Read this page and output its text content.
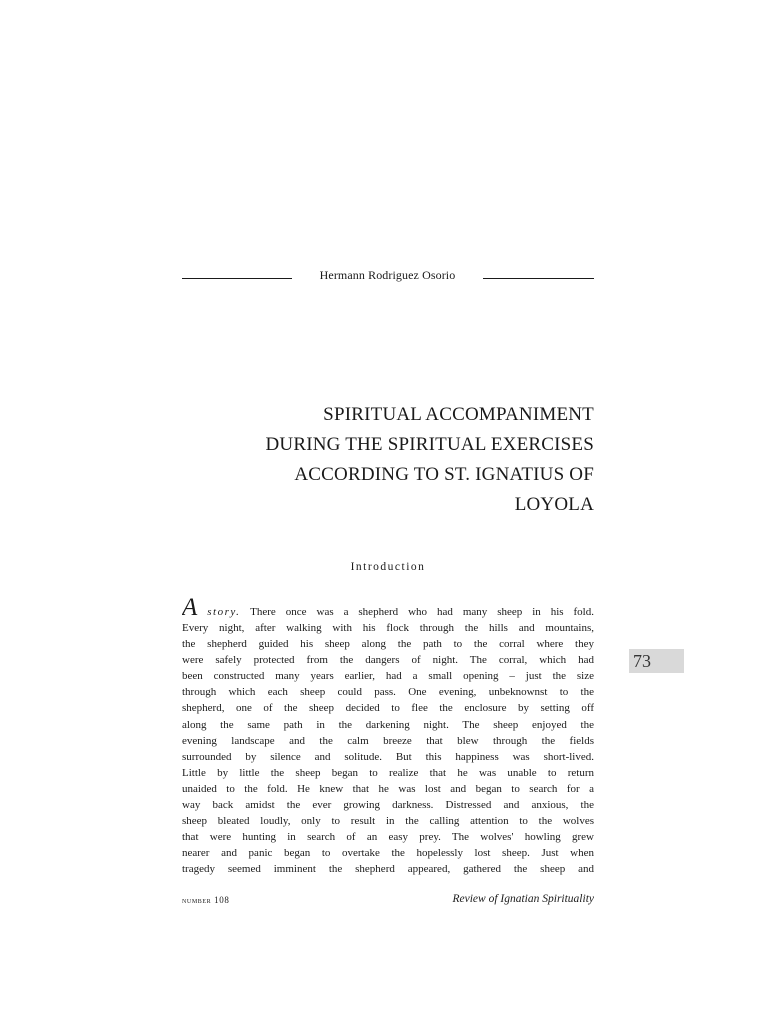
Hermann Rodriguez Osorio
SPIRITUAL ACCOMPANIMENT
DURING THE SPIRITUAL EXERCISES
ACCORDING TO ST. IGNATIUS OF
LOYOLA
Introduction
A story. There once was a shepherd who had many sheep in his fold.
Every night, after walking with his flock through the hills and mountains,
the shepherd guided his sheep along the path to the corral where they
were safely protected from the dangers of night. The corral, which had
been constructed many years earlier, had a small opening – just the size
through which each sheep could pass. One evening, unbeknownst to the
shepherd, one of the sheep decided to flee the enclosure by setting off
along the same path in the darkening night. The sheep enjoyed the
evening landscape and the calm breeze that blew through the fields
surrounded by silence and solitude. But this happiness was short-lived.
Little by little the sheep began to realize that he was unable to return
unaided to the fold. He knew that he was lost and began to search for a
way back amidst the ever growing darkness. Distressed and anxious, the
sheep bleated loudly, only to result in the calling attention to the wolves
that were hunting in search of an easy prey. The wolves' howling grew
nearer and panic began to overtake the hopelessly lost sheep. Just when
tragedy seemed imminent the shepherd appeared, gathered the sheep and
73
number 108	Review of Ignatian Spirituality
